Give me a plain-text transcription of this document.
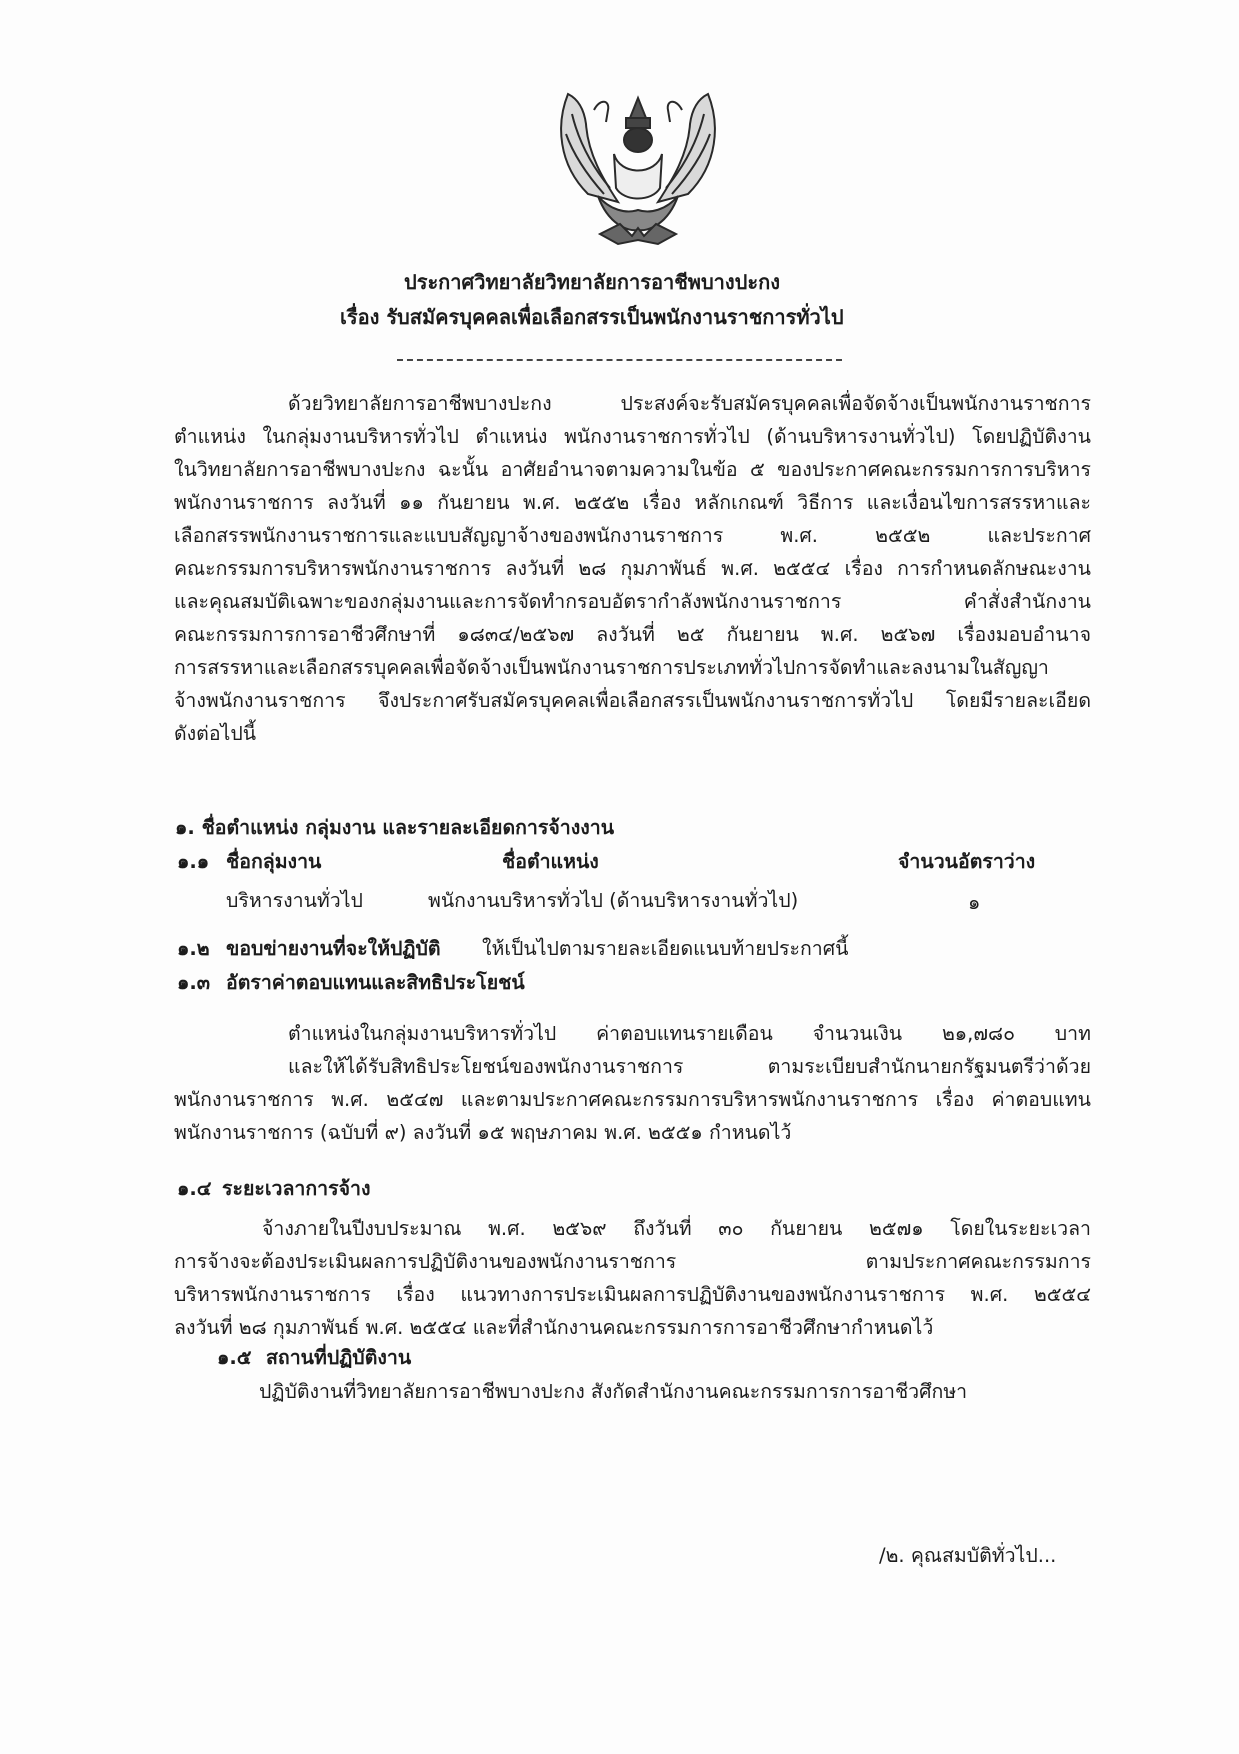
ประกาศวิทยาลัยวิทยาลัยการอาชีพบางปะกง
เรื่อง รับสมัครบุคคลเพื่อเลือกสรรเป็นพนักงานราชการทั่วไป
ด้วยวิทยาลัยการอาชีพบางปะกง ประสงค์จะรับสมัครบุคคลเพื่อจัดจ้างเป็นพนักงานราชการ
ตำแหน่ง ในกลุ่มงานบริหารทั่วไป ตำแหน่ง พนักงานราชการทั่วไป (ด้านบริหารงานทั่วไป) โดยปฏิบัติงาน
ในวิทยาลัยการอาชีพบางปะกง ฉะนั้น อาศัยอำนาจตามความในข้อ ๕ ของประกาศคณะกรรมการการบริหาร
พนักงานราชการ ลงวันที่ ๑๑ กันยายน พ.ศ. ๒๕๕๒ เรื่อง หลักเกณฑ์ วิธีการ และเงื่อนไขการสรรหาและ
เลือกสรรพนักงานราชการและแบบสัญญาจ้างของพนักงานราชการ พ.ศ. ๒๕๕๒ และประกาศ
คณะกรรมการบริหารพนักงานราชการ ลงวันที่ ๒๘ กุมภาพันธ์ พ.ศ. ๒๕๕๔ เรื่อง การกำหนดลักษณะงาน
และคุณสมบัติเฉพาะของกลุ่มงานและการจัดทำกรอบอัตรากำลังพนักงานราชการ คำสั่งสำนักงาน
คณะกรรมการการอาชีวศึกษาที่ ๑๘๓๔/๒๕๖๗ ลงวันที่ ๒๕ กันยายน พ.ศ. ๒๕๖๗ เรื่องมอบอำนาจ
การสรรหาและเลือกสรรบุคคลเพื่อจัดจ้างเป็นพนักงานราชการประเภททั่วไปการจัดทำและลงนามในสัญญา
จ้างพนักงานราชการ จึงประกาศรับสมัครบุคคลเพื่อเลือกสรรเป็นพนักงานราชการทั่วไป โดยมีรายละเอียด
ดังต่อไปนี้
๑. ชื่อตำแหน่ง กลุ่มงาน และรายละเอียดการจ้างงาน
๑.๑ ชื่อกลุ่มงาน	ชื่อตำแหน่ง	จำนวนอัตราว่าง
บริหารงานทั่วไป	พนักงานบริหารทั่วไป (ด้านบริหารงานทั่วไป)	๑
๑.๒ ขอบข่ายงานที่จะให้ปฏิบัติ ให้เป็นไปตามรายละเอียดแนบท้ายประกาศนี้
๑.๓ อัตราค่าตอบแทนและสิทธิประโยชน์
ตำแหน่งในกลุ่มงานบริหารทั่วไป ค่าตอบแทนรายเดือน จำนวนเงิน ๒๑,๗๘๐ บาท
และให้ได้รับสิทธิประโยชน์ของพนักงานราชการ ตามระเบียบสำนักนายกรัฐมนตรีว่าด้วย
พนักงานราชการ พ.ศ. ๒๕๔๗ และตามประกาศคณะกรรมการบริหารพนักงานราชการ เรื่อง ค่าตอบแทน
พนักงานราชการ (ฉบับที่ ๙) ลงวันที่ ๑๕ พฤษภาคม พ.ศ. ๒๕๕๑ กำหนดไว้
๑.๔ ระยะเวลาการจ้าง
จ้างภายในปีงบประมาณ พ.ศ. ๒๕๖๙ ถึงวันที่ ๓๐ กันยายน ๒๕๗๑ โดยในระยะเวลา
การจ้างจะต้องประเมินผลการปฏิบัติงานของพนักงานราชการ ตามประกาศคณะกรรมการ
บริหารพนักงานราชการ เรื่อง แนวทางการประเมินผลการปฏิบัติงานของพนักงานราชการ พ.ศ. ๒๕๕๔
ลงวันที่ ๒๘ กุมภาพันธ์ พ.ศ. ๒๕๕๔ และที่สำนักงานคณะกรรมการการอาชีวศึกษากำหนดไว้
๑.๕ สถานที่ปฏิบัติงาน
ปฏิบัติงานที่วิทยาลัยการอาชีพบางปะกง สังกัดสำนักงานคณะกรรมการการอาชีวศึกษา
/๒. คุณสมบัติทั่วไป...
